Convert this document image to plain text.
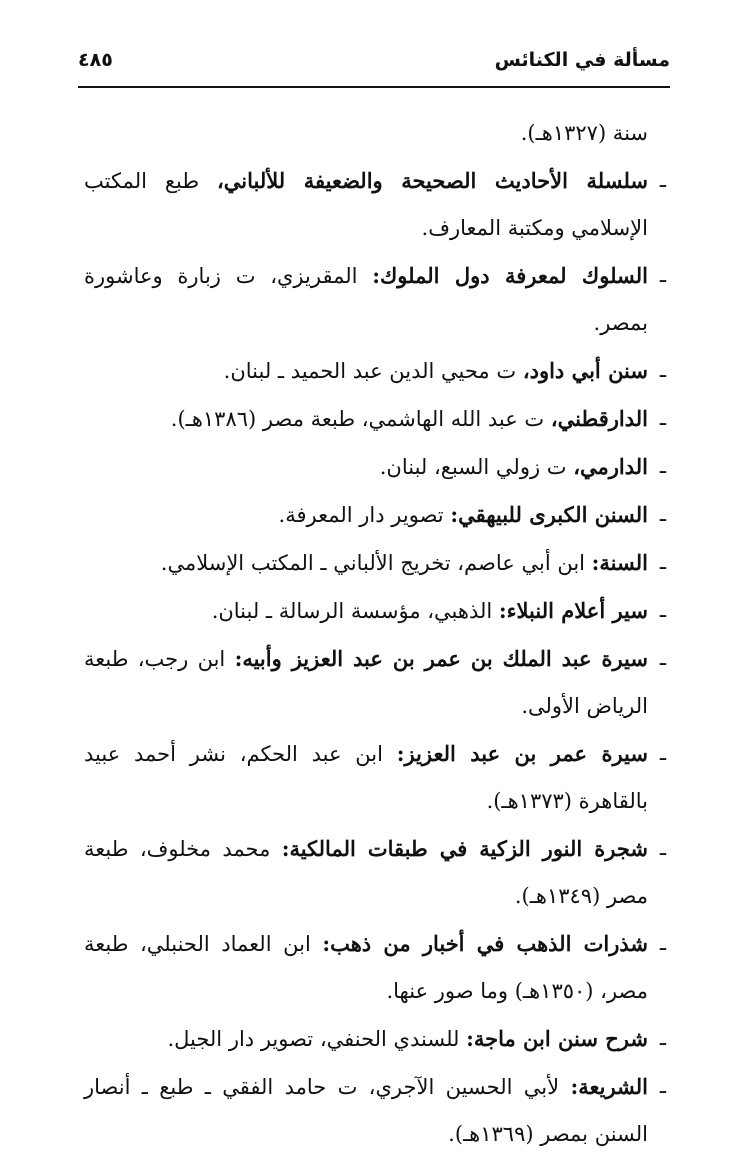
مسألة في الكنائس
٤٨٥
سنة (١٣٢٧هـ).
ـ
سلسلة الأحاديث الصحيحة والضعيفة للألباني، طبع المكتب الإسلامي ومكتبة المعارف.
ـ
السلوك لمعرفة دول الملوك: المقريزي، ت زبارة وعاشورة بمصر.
ـ
سنن أبي داود، ت محيي الدين عبد الحميد ـ لبنان.
ـ
الدارقطني، ت عبد الله الهاشمي، طبعة مصر (١٣٨٦هـ).
ـ
الدارمي، ت زولي السبع، لبنان.
ـ
السنن الكبرى للبيهقي: تصوير دار المعرفة.
ـ
السنة: ابن أبي عاصم، تخريج الألباني ـ المكتب الإسلامي.
ـ
سير أعلام النبلاء: الذهبي، مؤسسة الرسالة ـ لبنان.
ـ
سيرة عبد الملك بن عمر بن عبد العزيز وأبيه: ابن رجب، طبعة الرياض الأولى.
ـ
سيرة عمر بن عبد العزيز: ابن عبد الحكم، نشر أحمد عبيد بالقاهرة (١٣٧٣هـ).
ـ
شجرة النور الزكية في طبقات المالكية: محمد مخلوف، طبعة مصر (١٣٤٩هـ).
ـ
شذرات الذهب في أخبار من ذهب: ابن العماد الحنبلي، طبعة مصر، (١٣٥٠هـ) وما صور عنها.
ـ
شرح سنن ابن ماجة: للسندي الحنفي، تصوير دار الجيل.
ـ
الشريعة: لأبي الحسين الآجري، ت حامد الفقي ـ طبع ـ أنصار السنن بمصر (١٣٦٩هـ).
